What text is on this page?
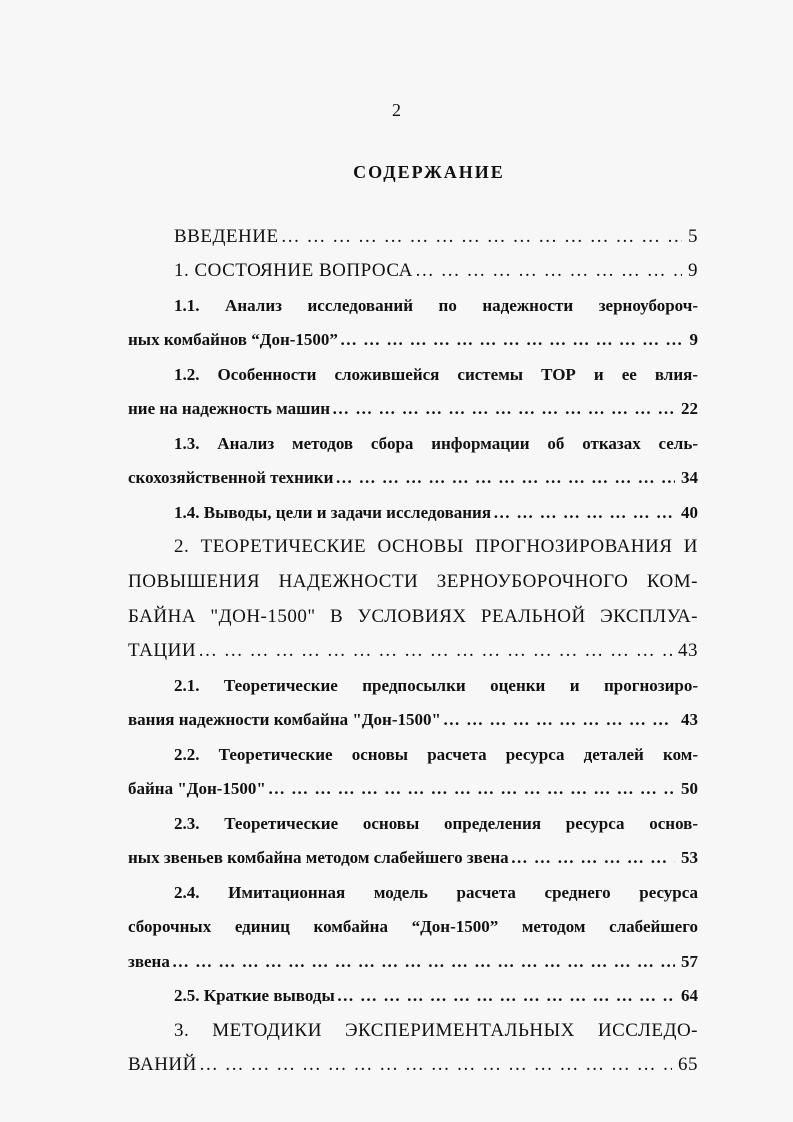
2
СОДЕРЖАНИЕ
ВВЕДЕНИЕ … … … … … … … … … … … … … … … … … … … … … … … … … … … … … … … … … … … … … … … … … … … … … …	5
1. СОСТОЯНИЕ ВОПРОСА … … … … … … … … … … … … … … … … … … … … … … … … … … … … … … … … … … … … … … … … … … … … … …	9
1.1. Анализ исследований по надежности зерноубороч-
ных комбайнов “Дон-1500” … … … … … … … … … … … … … … … … … … … … … … … … … … … … … … … … … … … … … … … … … … … … … …	9
1.2. Особенности сложившейся системы ТОР и ее влия-
ние на надежность машин … … … … … … … … … … … … … … … … … … … … … … … … … … … … … … … … … … … … … … … … … … … … … …	22
1.3. Анализ методов сбора информации об отказах сель-
скохозяйственной техники … … … … … … … … … … … … … … … … … … … … … … … … … … … … … … … … … … … … … … … … … … … … … …	34
1.4. Выводы, цели и задачи исследования … … … … … … … … … … … … … … … … … … … … … … … … … … … … … … … … … … … … … … … … … … … … … …	40
2. ТЕОРЕТИЧЕСКИЕ ОСНОВЫ ПРОГНОЗИРОВАНИЯ И
ПОВЫШЕНИЯ НАДЕЖНОСТИ ЗЕРНОУБОРОЧНОГО КОМ-
БАЙНА "ДОН-1500" В УСЛОВИЯХ РЕАЛЬНОЙ ЭКСПЛУА-
ТАЦИИ … … … … … … … … … … … … … … … … … … … … … … … … … … … … … … … … … … … … … … … … … … … … … …	43
2.1. Теоретические предпосылки оценки и прогнозиро-
вания надежности комбайна "Дон-1500" … … … … … … … … … … … … … … … … … … … … … … … … … … … … … … … … … … … … … … … … … … … … … …	43
2.2. Теоретические основы расчета ресурса деталей ком-
байна "Дон-1500" … … … … … … … … … … … … … … … … … … … … … … … … … … … … … … … … … … … … … … … … … … … … … …	50
2.3. Теоретические основы определения ресурса основ-
ных звеньев комбайна методом слабейшего звена … … … … … … … … … … … … … … … … … … … … … … … … … … … … … … … … … … … … … … … … … … … … … …	53
2.4. Имитационная модель расчета среднего ресурса
сборочных единиц комбайна “Дон-1500” методом слабейшего
звена … … … … … … … … … … … … … … … … … … … … … … … … … … … … … … … … … … … … … … … … … … … … … …	57
2.5. Краткие выводы … … … … … … … … … … … … … … … … … … … … … … … … … … … … … … … … … … … … … … … … … … … … … …	64
3. МЕТОДИКИ ЭКСПЕРИМЕНТАЛЬНЫХ ИССЛЕДО-
ВАНИЙ … … … … … … … … … … … … … … … … … … … … … … … … … … … … … … … … … … … … … … … … … … … … … …	65
